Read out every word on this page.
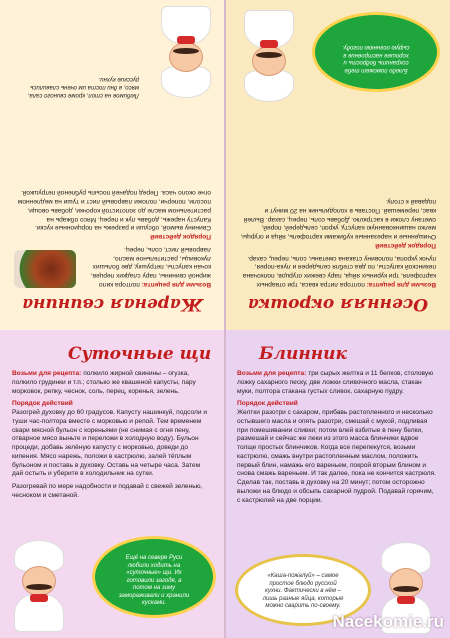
Осенняя окрошка

Возьми для рецепта: полтора литра кваса, три отварных картофеля, три куриных яйца, пару свежих огурцов, полкочана пекинской капусты, по два стебля сельдерея и лука-порея, пучок укропа, половину стакана сметаны, соль, перец, сахар.

Порядок действий
Очищенные и нарезанные кубиками картофель, яйца и огурцы, мелко нашинкованную капусту, укроп, сельдерей, порей, сметану сложи в кастрюлю. Добавь соль, перец, сахар. Вылей квас, перемешай. Поставь в холодильник на 20 минут и подавай к столу.

Блюдо поможет тебе сохранить бодрость и хорошее настроение в сырую осеннюю погоду.
Жареная свинина

Возьми для рецепта: полтора кило жирной свинины, пару сладких перцев, кочан капусты, петрушку, две больших луковицы, растительное масло, лавровый лист, соль, перец.

Порядок действий
Свинину вымой, обсуши и разрежь на порционные куски. Капусту нарежь, добавь лук и перец. Мясо обжарь на растительном масле до золотистой корочки, добавь овощи, посоли, поперчи, положи лавровый лист и туши на медленном огне около часа. Перед подачей посыпь рубленой петрушкой.

Любимое на стол, кроме свиного сала, мясо, в дни поста им очень славились русские кухни.
Суточные щи

Возьми для рецепта: полкило жирной свинины – огузка, полкило грудинки и т.п.; столько же квашеной капусты, пару морковок, репку, чеснок, соль, перец, коренья, зелень.

Порядок действий
Разогрей духовку до 60 градусов. Капусту нашинкуй, подсоли и туши час-полтора вместе с морковью и репой. Тем временем свари мясной бульон с кореньями (не снимая с огня пену, отварное мясо выньте и переложи в холодную воду). Бульон процеди, добавь зелёную капусту с морковью, доведи до кипения. Мясо нарежь, положи в кастрюлю, залей тёплым бульоном и поставь в духовку. Оставь на четыре часа. Затем дай остыть и уберите в холодильник на сутки.

Разогревай по мере надобности и подавай с свежей зеленью, чесноком и сметаной.

Ещё на севере Руси любили ходить на «суточные» щи. Их готовили загодя, а потом на зиму замораживали и хранили кусками.
Блинник

Возьми для рецепта: три сырых желтка и 11 белков, столовую ложку сахарного песку, две ложки сливочного масла, стакан муки, полтора стакана густых сливок, сахарную пудру.

Порядок действий
Желтки разотри с сахаром, прибавь растопленного и несколько остывшего масла и опять разотри, смешай с мукой, подливая при помешивании сливки; потом влей взбитые в пену белки, размешай и сейчас же пеки из этого масса блинчики вдвое толще простых блинчиков. Когда все перепекутся, возьми кастрюлю, смажь внутри растопленным маслом, положить первый блин, намажь его вареньем, покрой вторым блином и снова смажь вареньем. И так далее, пока не кончится кастрюля. Сделав так, поставь в духовку на 20 минут; потом осторожно выложи на блюдо и обсыпь сахарной пудрой. Подавай горячим, с кастрюлей на две порции.

«Каша-пожалуй» – самое простое блюдо русской кухни. Фактически в нём – лишь разные яйца, которые можно сварить по-своему.
Nacekomie.ru
